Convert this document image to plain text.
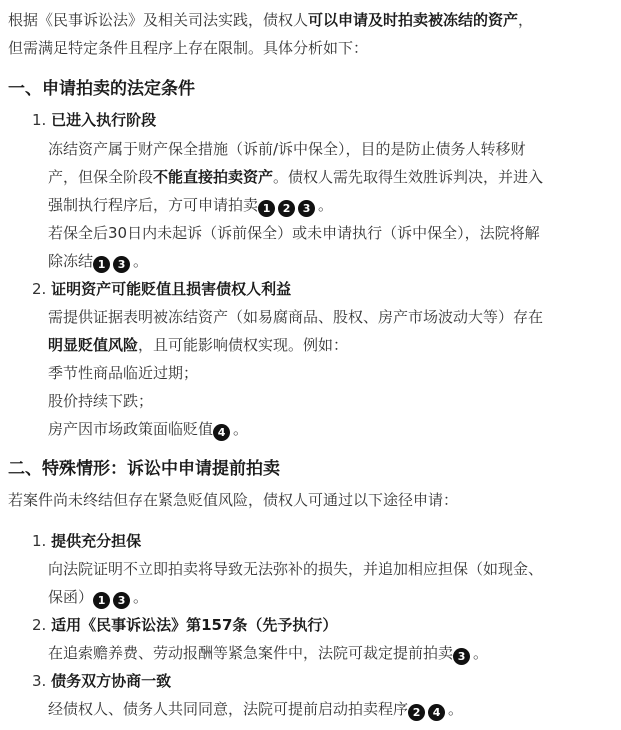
根据《民事诉讼法》及相关司法实践，债权人可以申请及时拍卖被冻结的资产，
但需满足特定条件且程序上存在限制。具体分析如下：
一、申请拍卖的法定条件
1. 已进入执行阶段
冻结资产属于财产保全措施（诉前/诉中保全），目的是防止债务人转移财
产，但保全阶段不能直接拍卖资产。债权人需先取得生效胜诉判决，并进入
强制执行程序后，方可申请拍卖 1 2 3 。
若保全后30日内未起诉（诉前保全）或未申请执行（诉中保全），法院将解
除冻结 1 3 。
2. 证明资产可能贬值且损害债权人利益
需提供证据表明被冻结资产（如易腐商品、股权、房产市场波动大等）存在
明显贬值风险，且可能影响债权实现。例如：
季节性商品临近过期；
股价持续下跌；
房产因市场政策面临贬值 4 。
二、特殊情形：诉讼中申请提前拍卖
若案件尚未终结但存在紧急贬值风险，债权人可通过以下途径申请：
1. 提供充分担保
向法院证明不立即拍卖将导致无法弥补的损失，并追加相应担保（如现金、
保函） 1 3 。
2. 适用《民事诉讼法》第157条（先予执行）
在追索赡养费、劳动报酬等紧急案件中，法院可裁定提前拍卖 3 。
3. 债务双方协商一致
经债权人、债务人共同同意，法院可提前启动拍卖程序 2 4 。
